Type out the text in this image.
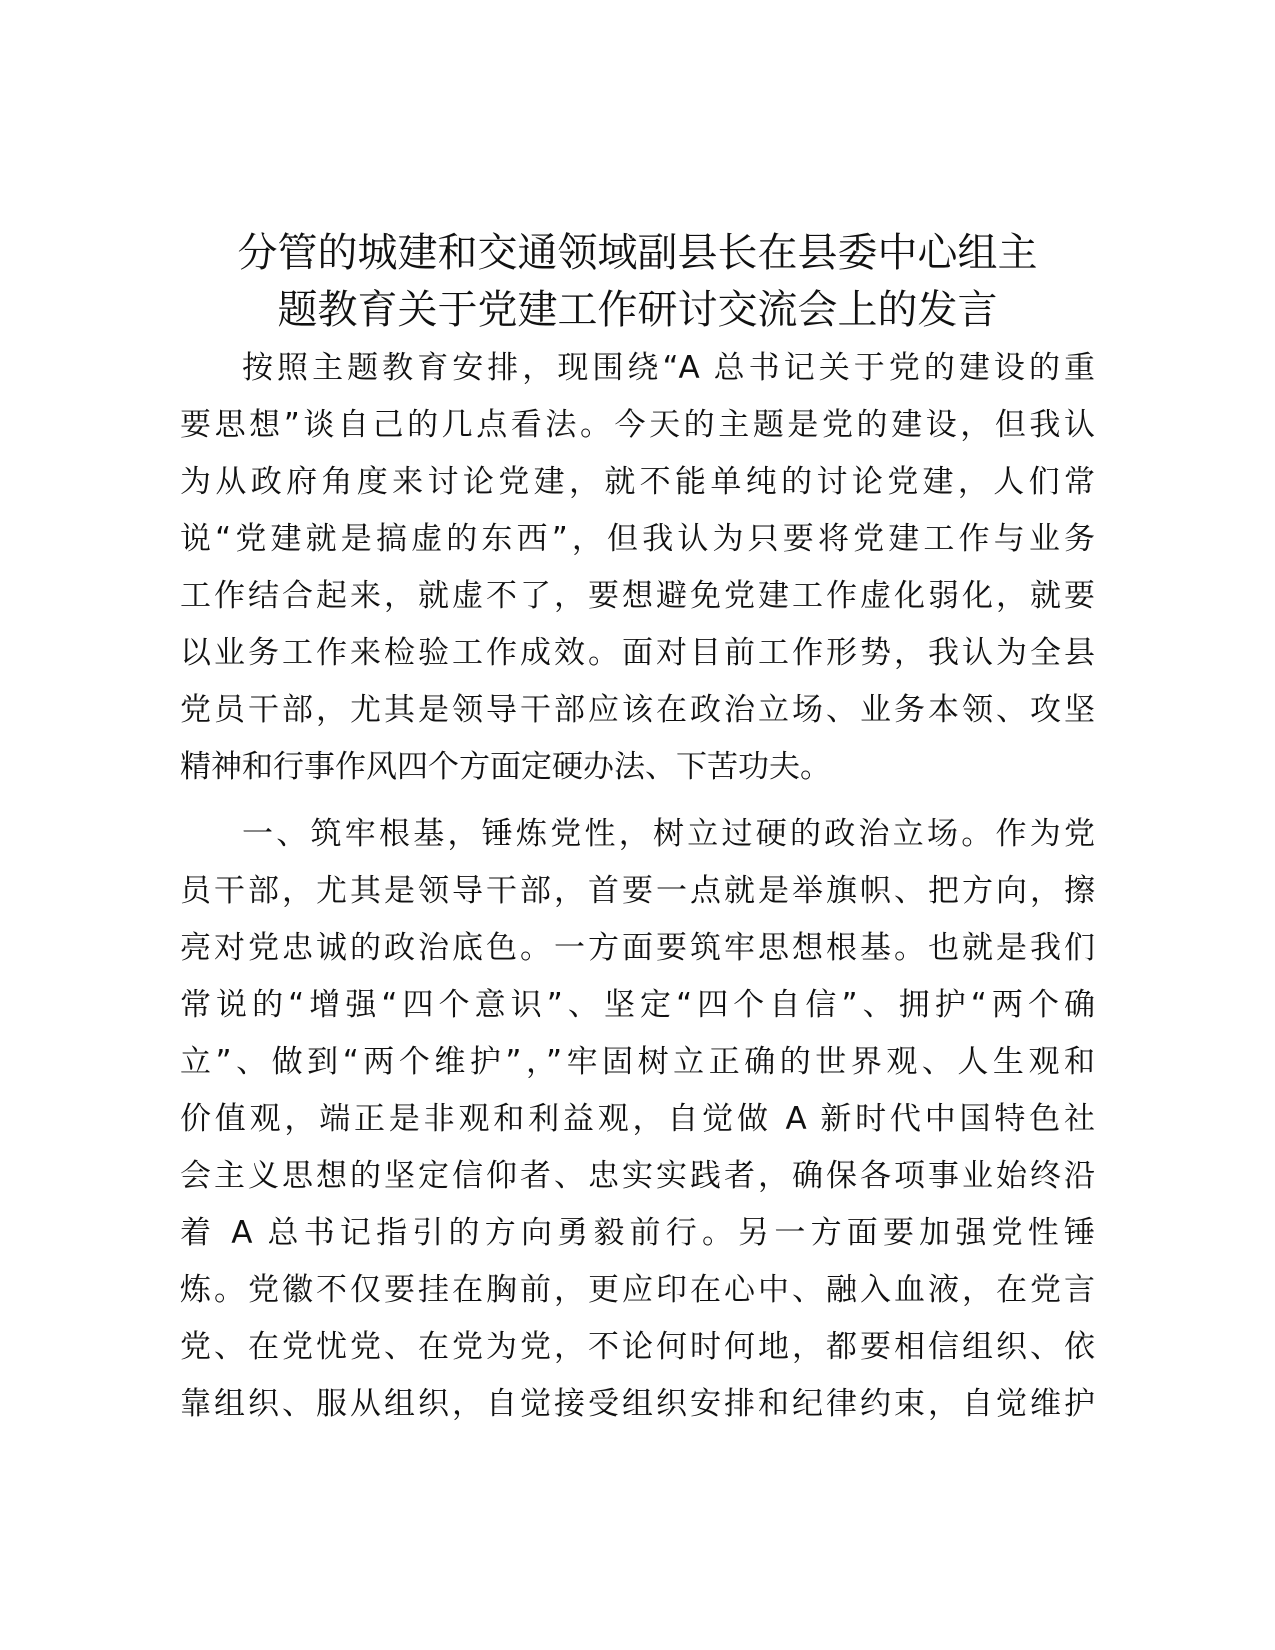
分管的城建和交通领域副县长在县委中心组主
题教育关于党建工作研讨交流会上的发言

按照主题教育安排，现围绕“A 总书记关于党的建设的重
要思想”谈自己的几点看法。今天的主题是党的建设，但我认
为从政府角度来讨论党建，就不能单纯的讨论党建，人们常
说“党建就是搞虚的东西”，但我认为只要将党建工作与业务
工作结合起来，就虚不了，要想避免党建工作虚化弱化，就要
以业务工作来检验工作成效。面对目前工作形势，我认为全县
党员干部，尤其是领导干部应该在政治立场、业务本领、攻坚
精神和行事作风四个方面定硬办法、下苦功夫。

一、筑牢根基，锤炼党性，树立过硬的政治立场。作为党
员干部，尤其是领导干部，首要一点就是举旗帜、把方向，擦
亮对党忠诚的政治底色。一方面要筑牢思想根基。也就是我们
常说的“增强“四个意识”、坚定“四个自信”、拥护“两个确
立”、做到“两个维护”，”牢固树立正确的世界观、人生观和
价值观，端正是非观和利益观，自觉做 A 新时代中国特色社
会主义思想的坚定信仰者、忠实实践者，确保各项事业始终沿
着 A 总书记指引的方向勇毅前行。另一方面要加强党性锤
炼。党徽不仅要挂在胸前，更应印在心中、融入血液，在党言
党、在党忧党、在党为党，不论何时何地，都要相信组织、依
靠组织、服从组织，自觉接受组织安排和纪律约束，自觉维护
